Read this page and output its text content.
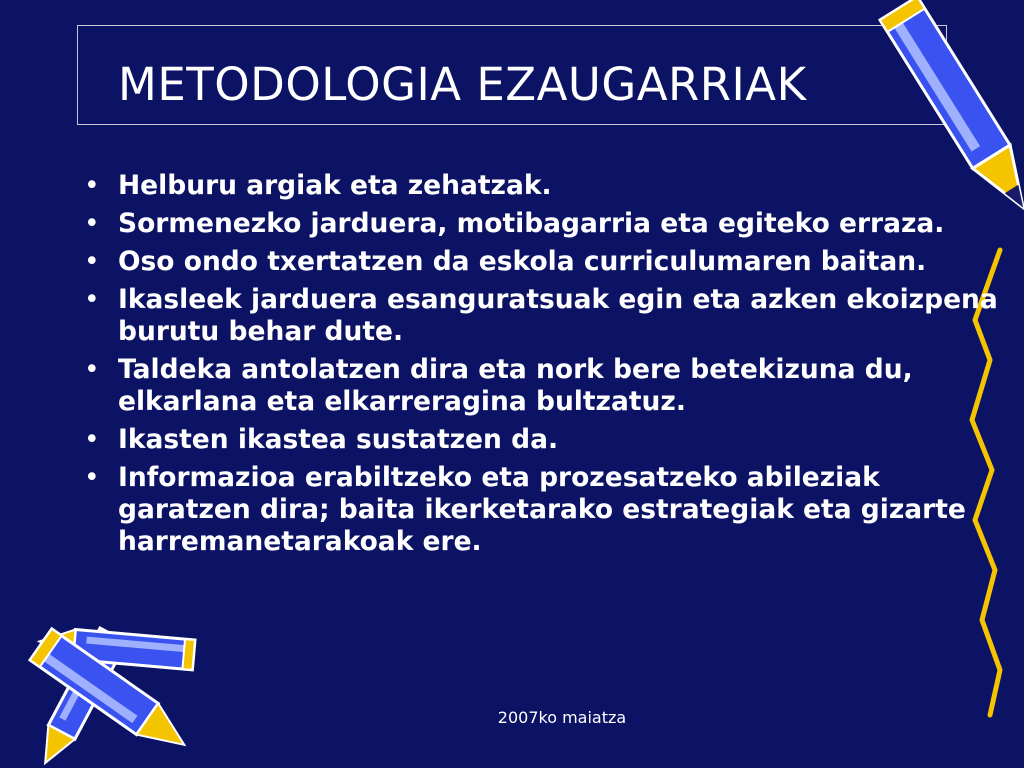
METODOLOGIA EZAUGARRIAK
• Helburu argiak eta zehatzak.
• Sormenezko jarduera, motibagarria eta egiteko erraza.
• Oso ondo txertatzen da eskola curriculumaren baitan.
• Ikasleek jarduera esanguratsuak egin eta azken ekoizpena burutu behar dute.
• Taldeka antolatzen dira eta nork bere betekizuna du, elkarlana eta elkarreragina bultzatuz.
• Ikasten ikastea sustatzen da.
• Informazioa erabiltzeko eta prozesatzeko abileziak garatzen dira; baita ikerketarako estrategiak eta gizarte harremanetarakoak ere.
2007ko maiatza
